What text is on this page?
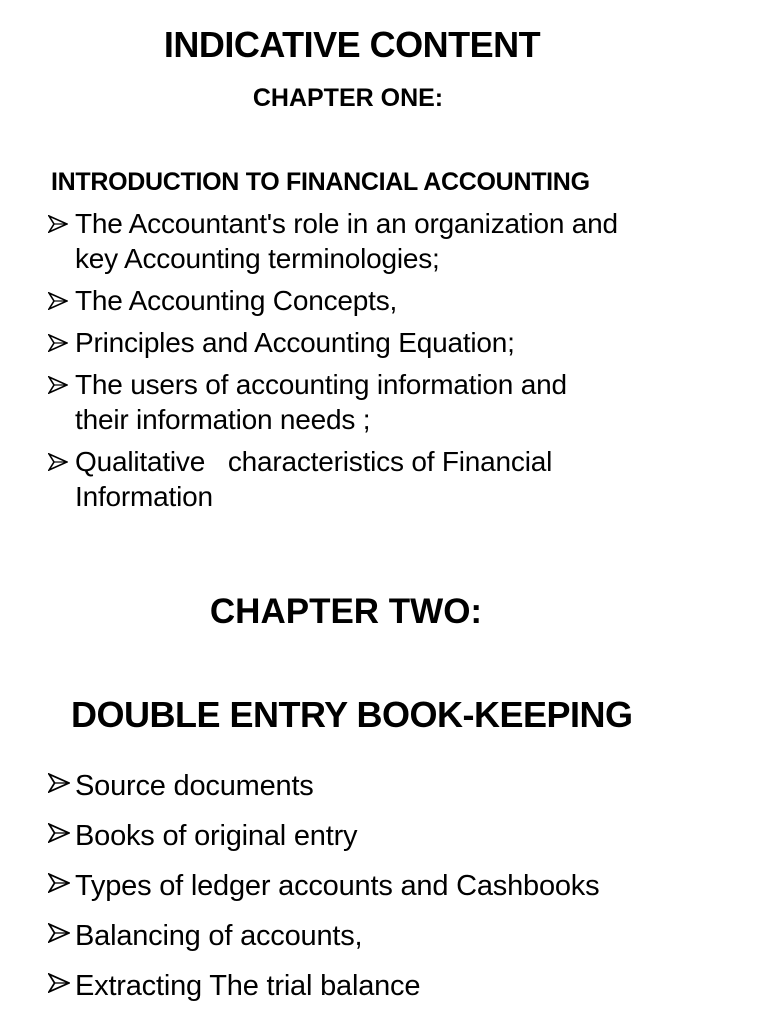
INDICATIVE CONTENT
CHAPTER ONE:
INTRODUCTION TO FINANCIAL ACCOUNTING
The Accountant's role in an organization and
key Accounting terminologies;
The Accounting Concepts,
Principles and Accounting Equation;
The users of accounting information and
their information needs ;
Qualitative   characteristics of Financial
Information
CHAPTER TWO:
DOUBLE ENTRY BOOK-KEEPING
Source documents
Books of original entry
Types of ledger accounts and Cashbooks
Balancing of accounts,
Extracting The trial balance
